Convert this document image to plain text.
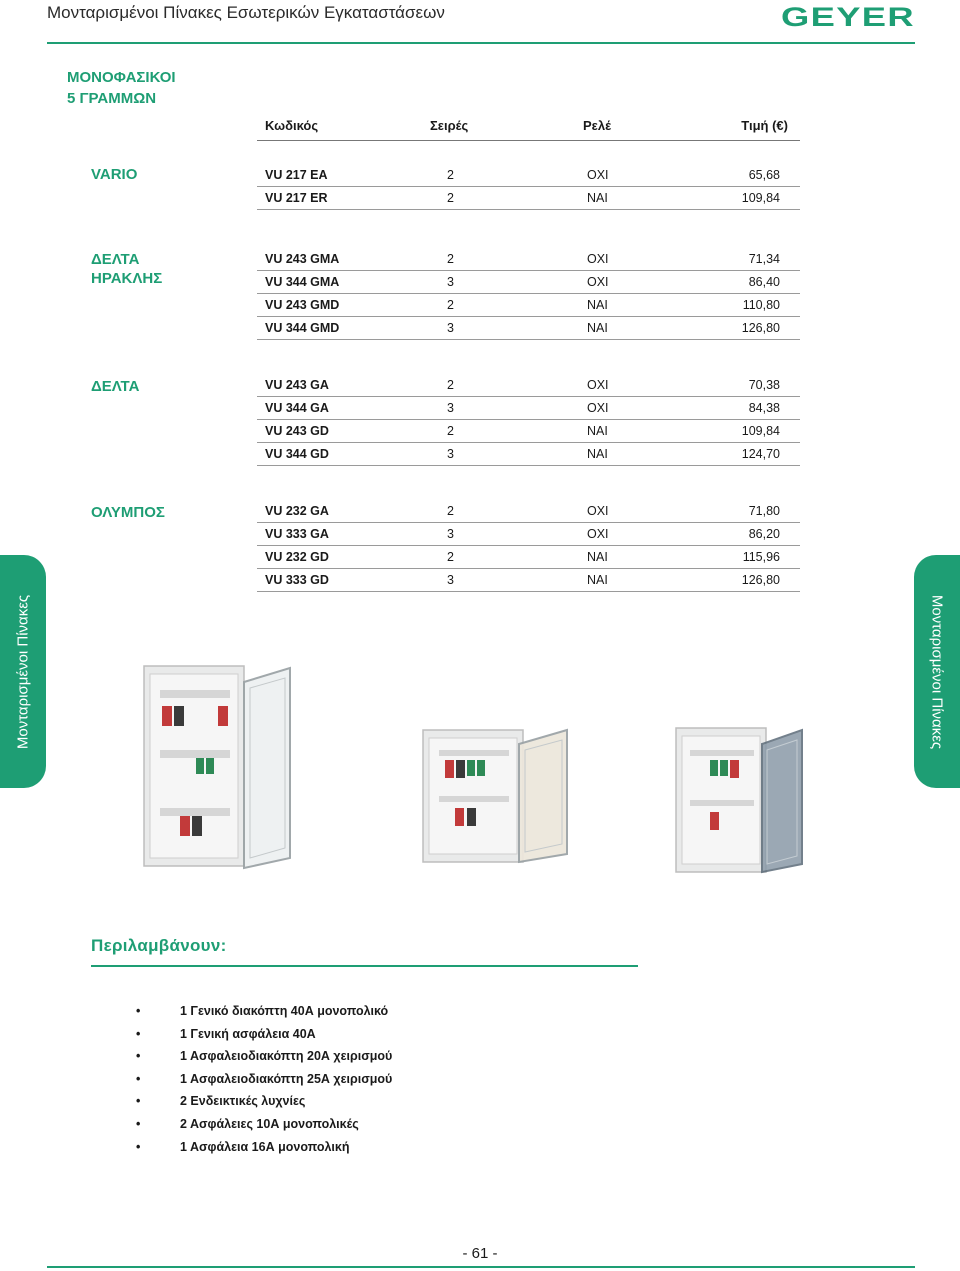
Μονταρισμένοι Πίνακες Εσωτερικών Εγκαταστάσεων	GEYER
ΜΟΝΟΦΑΣΙΚΟΙ
5 ΓΡΑΜΜΩΝ
Κωδικός	Σειρές	Ρελέ	Τιμή (€)
VARIO	VU 217 EA	2	ΟΧΙ	65,68
VU 217 ER	2	ΝΑΙ	109,84
ΔΕΛΤΑ
ΗΡΑΚΛΗΣ
VU 243 GMA	2	ΟΧΙ	71,34
VU 344 GMA	3	ΟΧΙ	86,40
VU 243 GMD	2	ΝΑΙ	110,80
VU 344 GMD	3	ΝΑΙ	126,80
ΔΕΛΤΑ	VU 243 GA	2	ΟΧΙ	70,38
VU 344 GA	3	ΟΧΙ	84,38
VU 243 GD	2	ΝΑΙ	109,84
VU 344 GD	3	ΝΑΙ	124,70
ΟΛΥΜΠΟΣ	VU 232 GA	2	ΟΧΙ	71,80
VU 333 GA	3	ΟΧΙ	86,20
VU 232 GD	2	ΝΑΙ	115,96
VU 333 GD	3	ΝΑΙ	126,80
Μονταρισμένοι Πίνακες	Μονταρισμένοι Πίνακες
Περιλαμβάνουν:
•	1 Γενικό διακόπτη 40Α μονοπολικό
•	1 Γενική ασφάλεια 40Α
•	1 Ασφαλειοδιακόπτη 20Α χειρισμού
•	1 Ασφαλειοδιακόπτη 25Α χειρισμού
•	2 Ενδεικτικές λυχνίες
•	2 Ασφάλειες 10Α μονοπολικές
•	1 Ασφάλεια 16Α μονοπολική
- 61 -
